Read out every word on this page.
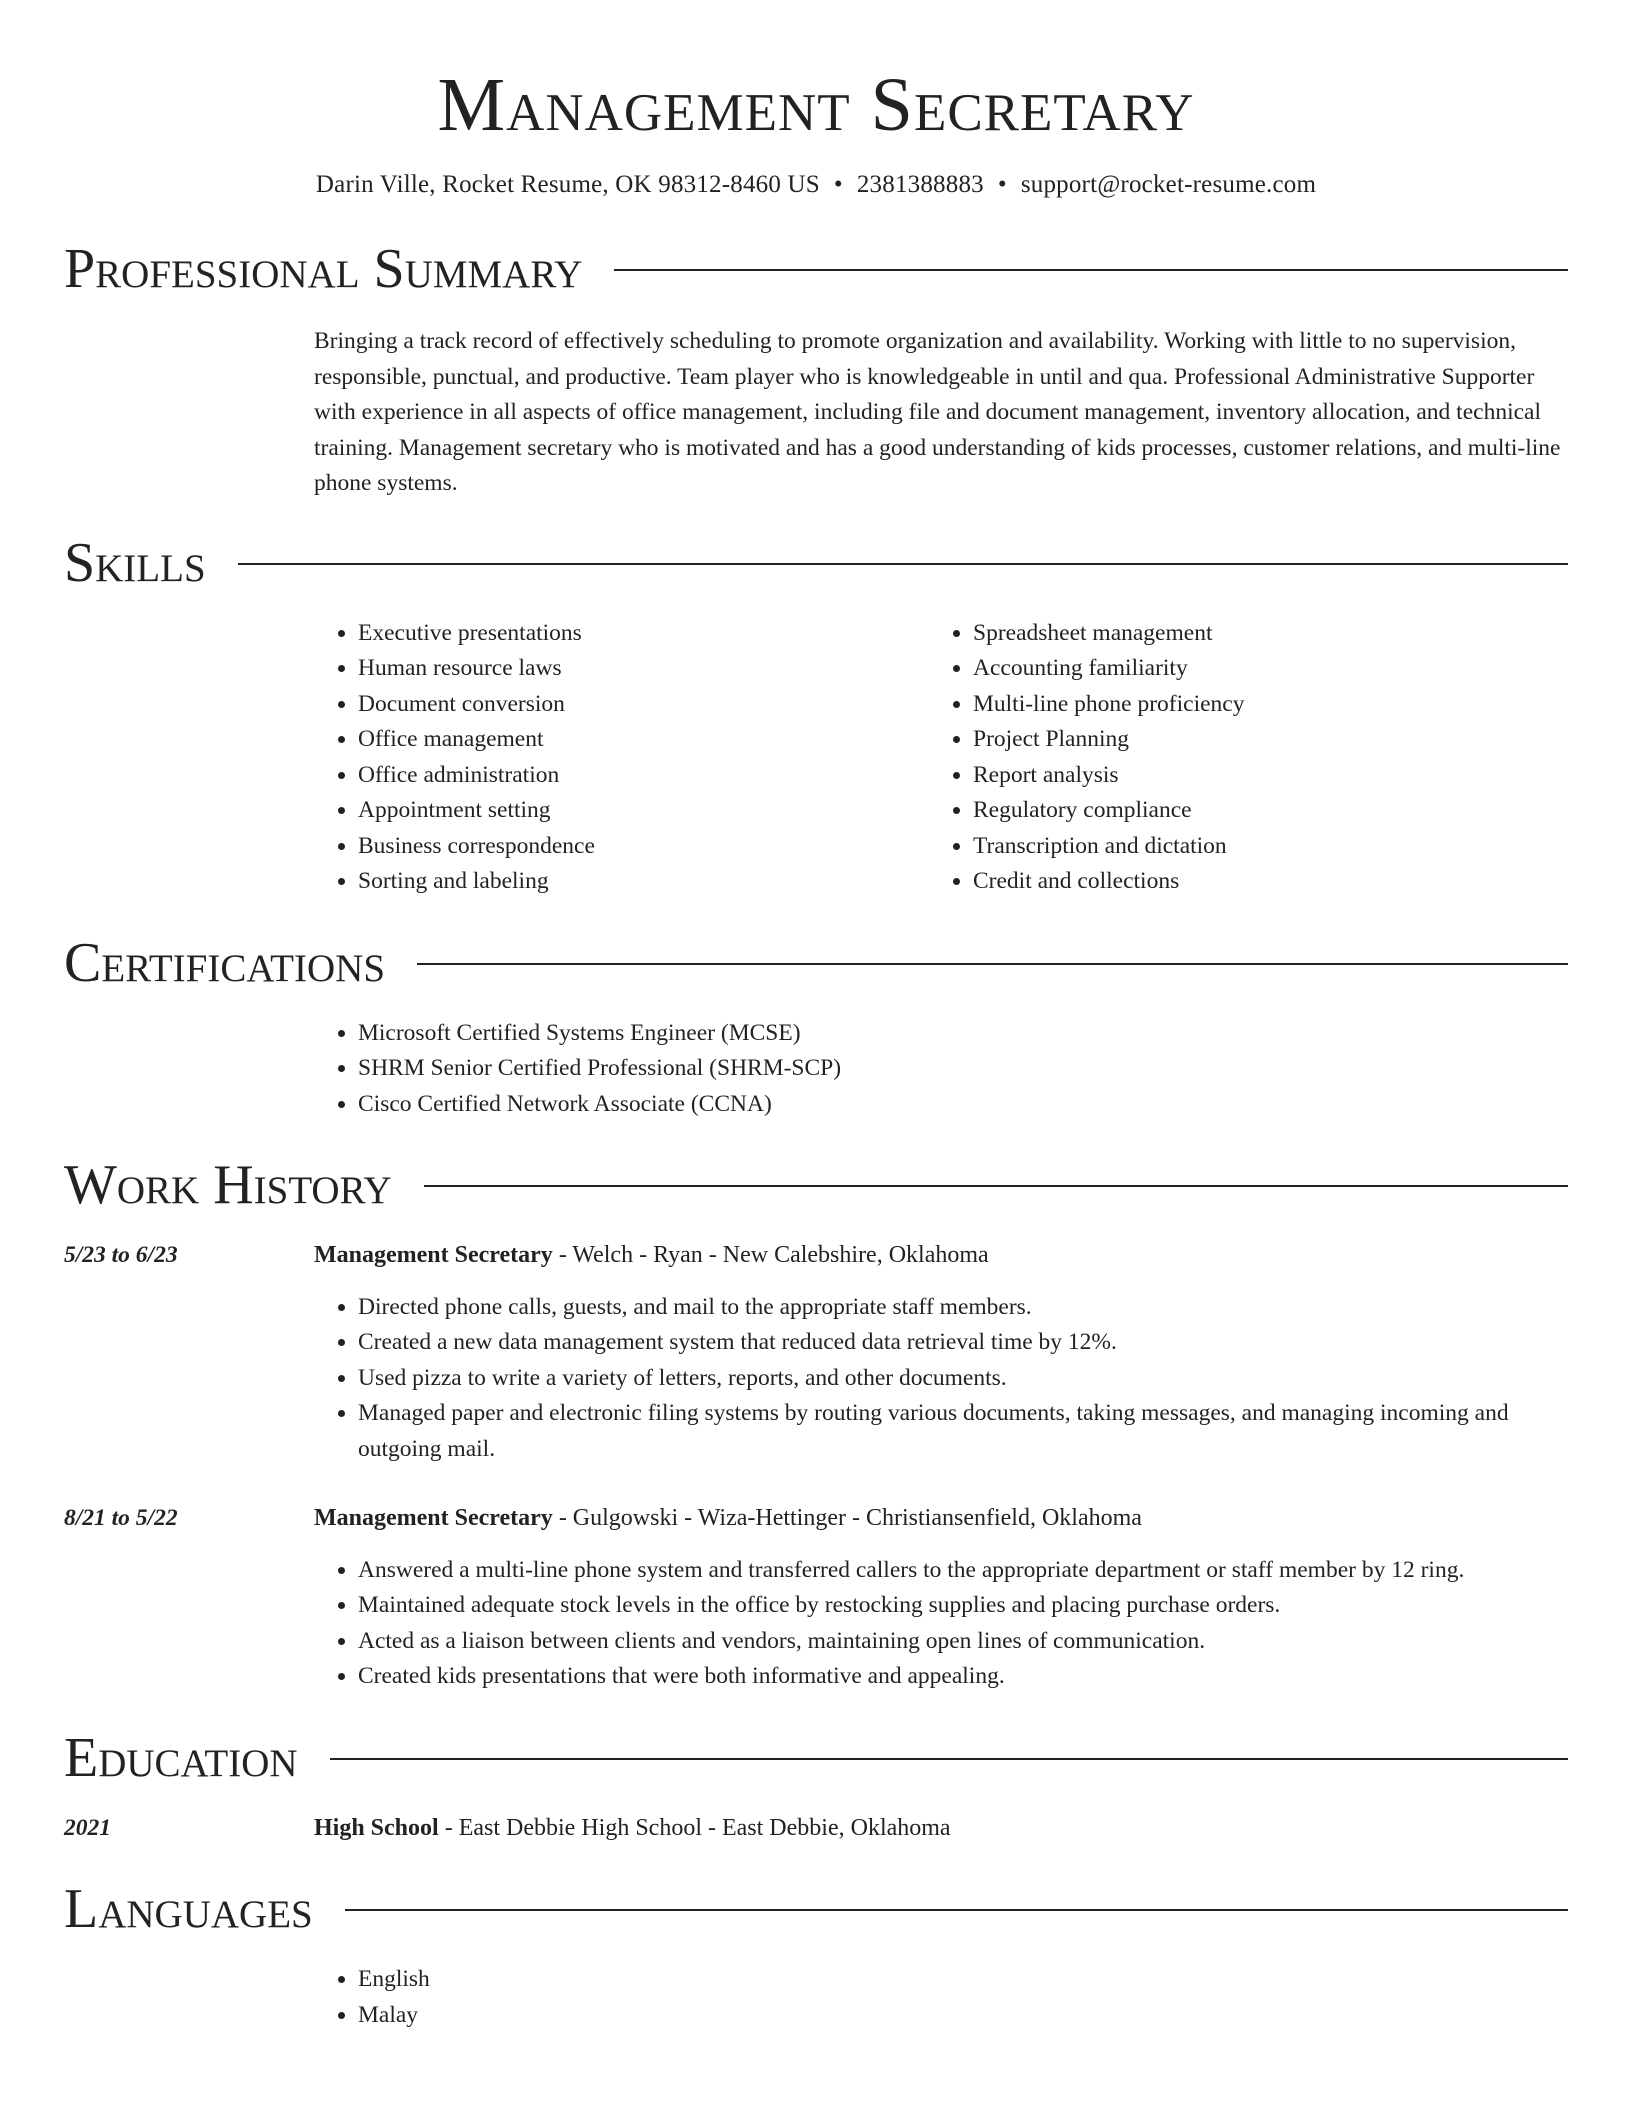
Management Secretary
Darin Ville, Rocket Resume, OK 98312-8460 US • 2381388883 • support@rocket-resume.com
Professional Summary
Bringing a track record of effectively scheduling to promote organization and availability. Working with little to no supervision, responsible, punctual, and productive. Team player who is knowledgeable in until and qua. Professional Administrative Supporter with experience in all aspects of office management, including file and document management, inventory allocation, and technical training. Management secretary who is motivated and has a good understanding of kids processes, customer relations, and multi-line phone systems.
Skills
• Executive presentations
• Human resource laws
• Document conversion
• Office management
• Office administration
• Appointment setting
• Business correspondence
• Sorting and labeling
• Spreadsheet management
• Accounting familiarity
• Multi-line phone proficiency
• Project Planning
• Report analysis
• Regulatory compliance
• Transcription and dictation
• Credit and collections
Certifications
• Microsoft Certified Systems Engineer (MCSE)
• SHRM Senior Certified Professional (SHRM-SCP)
• Cisco Certified Network Associate (CCNA)
Work History
5/23 to 6/23	Management Secretary - Welch - Ryan - New Calebshire, Oklahoma
• Directed phone calls, guests, and mail to the appropriate staff members.
• Created a new data management system that reduced data retrieval time by 12%.
• Used pizza to write a variety of letters, reports, and other documents.
• Managed paper and electronic filing systems by routing various documents, taking messages, and managing incoming and outgoing mail.
8/21 to 5/22	Management Secretary - Gulgowski - Wiza-Hettinger - Christiansenfield, Oklahoma
• Answered a multi-line phone system and transferred callers to the appropriate department or staff member by 12 ring.
• Maintained adequate stock levels in the office by restocking supplies and placing purchase orders.
• Acted as a liaison between clients and vendors, maintaining open lines of communication.
• Created kids presentations that were both informative and appealing.
Education
2021	High School - East Debbie High School - East Debbie, Oklahoma
Languages
• English
• Malay
